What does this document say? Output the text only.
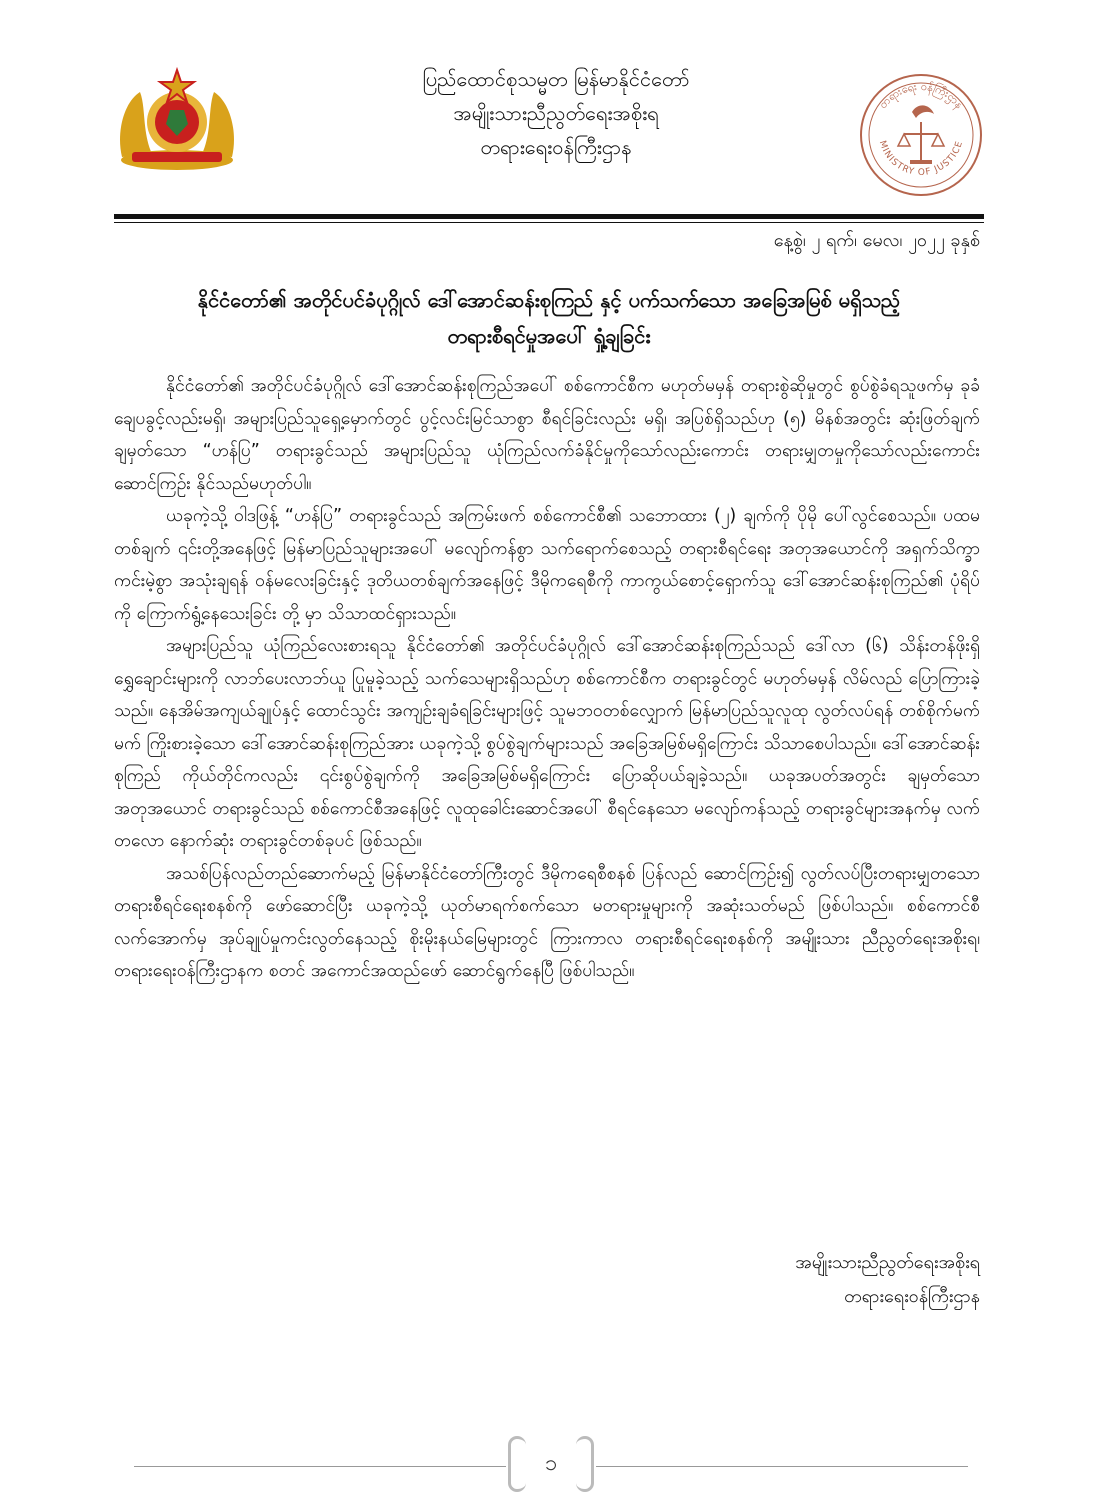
ပြည်ထောင်စုသမ္မတ မြန်မာနိုင်ငံတော်
အမျိုးသားညီညွတ်ရေးအစိုးရ
တရားရေးဝန်ကြီးဌာန
တရားရေး ဝန်ကြီးဌာန
MINISTRY OF JUSTICE
နေ့စွဲ၊ ၂ ရက်၊ မေလ၊ ၂၀၂၂ ခုနှစ်
နိုင်ငံတော်၏ အတိုင်ပင်ခံပုဂ္ဂိုလ် ဒေါ်အောင်ဆန်းစုကြည် နှင့် ပက်သက်သော အခြေအမြစ် မရှိသည့်
တရားစီရင်မှုအပေါ် ရှုံ့ချခြင်း

နိုင်ငံတော်၏ အတိုင်ပင်ခံပုဂ္ဂိုလ် ဒေါ်အောင်ဆန်းစုကြည်အပေါ် စစ်ကောင်စီက မဟုတ်မမှန် တရားစွဲဆိုမှုတွင် စွပ်စွဲခံရသူဖက်မှ ခုခံချေပခွင့်လည်းမရှိ၊ အများပြည်သူရှေ့မှောက်တွင် ပွင့်လင်းမြင်သာစွာ စီရင်ခြင်းလည်း မရှိ၊ အပြစ်ရှိသည်ဟု (၅) မိနစ်အတွင်း ဆုံးဖြတ်ချက် ချမှတ်သော “ဟန်ပြ” တရားခွင်သည် အများပြည်သူ ယုံကြည်လက်ခံနိုင်မှုကိုသော်လည်းကောင်း တရားမျှတမှုကိုသော်လည်းကောင်း ဆောင်ကြဉ်း နိုင်သည်မဟုတ်ပါ။

ယခုကဲ့သို့ ဝါဒဖြန့် “ဟန်ပြ” တရားခွင်သည် အကြမ်းဖက် စစ်ကောင်စီ၏ သဘောထား (၂) ချက်ကို ပိုမို ပေါ်လွင်စေသည်။ ပထမတစ်ချက် ၎င်းတို့အနေဖြင့် မြန်မာပြည်သူများအပေါ် မလျော်ကန်စွာ သက်ရောက်စေသည့် တရားစီရင်ရေး အတုအယောင်ကို အရှက်သိက္ခာကင်းမဲ့စွာ အသုံးချရန် ဝန်မလေးခြင်းနှင့် ဒုတိယတစ်ချက်အနေဖြင့် ဒီမိုကရေစီကို ကာကွယ်စောင့်ရှောက်သူ ဒေါ်အောင်ဆန်းစုကြည်၏ ပုံရိပ်ကို ကြောက်ရွံ့နေသေးခြင်း တို့ မှာ သိသာထင်ရှားသည်။

အများပြည်သူ ယုံကြည်လေးစားရသူ နိုင်ငံတော်၏ အတိုင်ပင်ခံပုဂ္ဂိုလ် ဒေါ်အောင်ဆန်းစုကြည်သည် ဒေါ်လာ (၆) သိန်းတန်ဖိုးရှိ ရွှေချောင်းများကို လာဘ်ပေးလာဘ်ယူ ပြုမူခဲ့သည့် သက်သေများရှိသည်ဟု စစ်ကောင်စီက တရားခွင်တွင် မဟုတ်မမှန် လိမ်လည် ပြောကြားခဲ့သည်။ နေအိမ်အကျယ်ချုပ်နှင့် ထောင်သွင်း အကျဉ်းချခံရခြင်းများဖြင့် သူမဘဝတစ်လျှောက် မြန်မာပြည်သူလူထု လွတ်လပ်ရန် တစ်စိုက်မက်မက် ကြိုးစားခဲ့သော ဒေါ်အောင်ဆန်းစုကြည်အား ယခုကဲ့သို့ စွပ်စွဲချက်များသည် အခြေအမြစ်မရှိကြောင်း သိသာစေပါသည်။ ဒေါ်အောင်ဆန်းစုကြည် ကိုယ်တိုင်ကလည်း ၎င်းစွပ်စွဲချက်ကို အခြေအမြစ်မရှိကြောင်း ပြောဆိုပယ်ချခဲ့သည်။ ယခုအပတ်အတွင်း ချမှတ်သော အတုအယောင် တရားခွင်သည် စစ်ကောင်စီအနေဖြင့် လူထုခေါင်းဆောင်အပေါ် စီရင်နေသော မလျော်ကန်သည့် တရားခွင်များအနက်မှ လက်တလော နောက်ဆုံး တရားခွင်တစ်ခုပင် ဖြစ်သည်။

အသစ်ပြန်လည်တည်ဆောက်မည့် မြန်မာနိုင်ငံတော်ကြီးတွင် ဒီမိုကရေစီစနစ် ပြန်လည် ဆောင်ကြဉ်း၍ လွတ်လပ်ပြီးတရားမျှတသော တရားစီရင်ရေးစနစ်ကို ဖော်ဆောင်ပြီး ယခုကဲ့သို့ ယုတ်မာရက်စက်သော မတရားမှုများကို အဆုံးသတ်မည် ဖြစ်ပါသည်။ စစ်ကောင်စီလက်အောက်မှ အုပ်ချုပ်မှုကင်းလွတ်နေသည့် စိုးမိုးနယ်မြေများတွင် ကြားကာလ တရားစီရင်ရေးစနစ်ကို အမျိုးသား ညီညွတ်ရေးအစိုးရ၊ တရားရေးဝန်ကြီးဌာနက စတင် အကောင်အထည်ဖော် ဆောင်ရွက်နေပြီ ဖြစ်ပါသည်။

အမျိုးသားညီညွတ်ရေးအစိုးရ
တရားရေးဝန်ကြီးဌာန
၁
